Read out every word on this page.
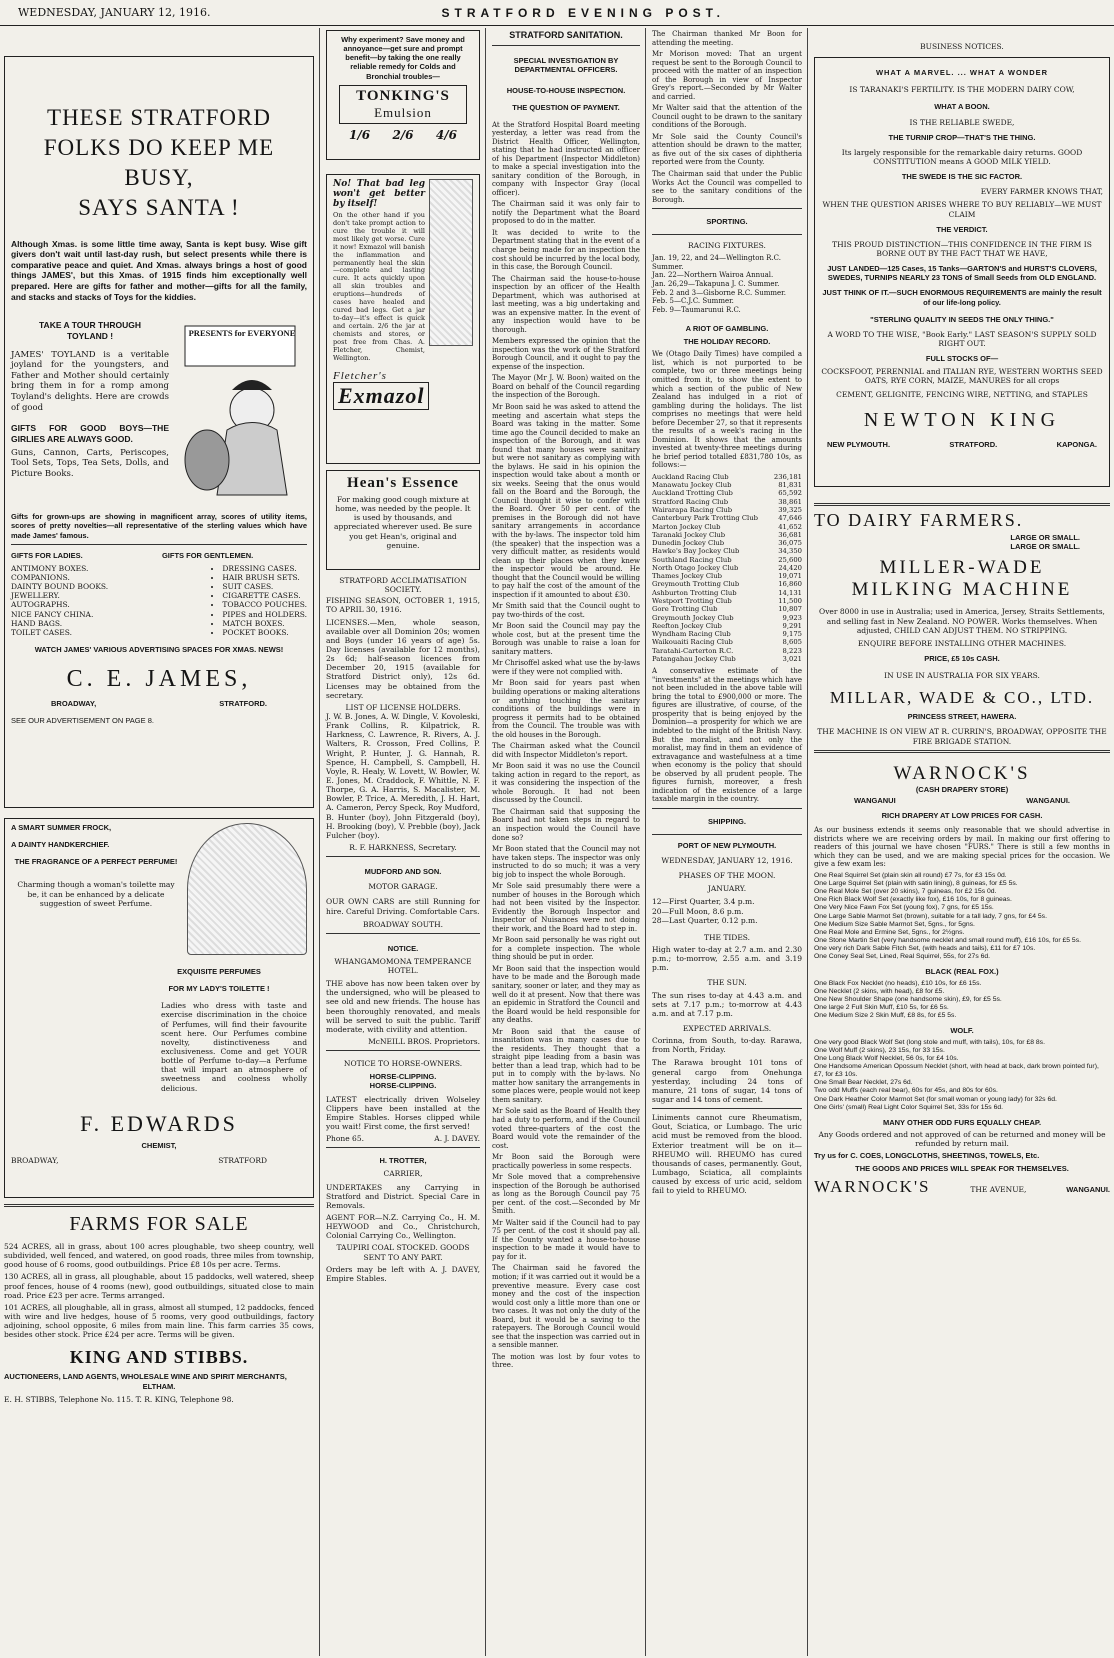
WEDNESDAY, JANUARY 12, 1916.	STRATFORD EVENING POST.
THESE STRATFORD
FOLKS DO KEEP ME BUSY,
SAYS SANTA !

Although Xmas. is some little time away, Santa is kept busy. Wise gift givers don't wait until last-day rush, but select presents while there is comparative peace and quiet. And Xmas. always brings a host of good things JAMES', but this Xmas. of 1915 finds him exceptionally well prepared. Here are gifts for father and mother—gifts for all the family, and stacks and stacks of Toys for the kiddies.

TAKE A TOUR THROUGH
TOYLAND !

JAMES' TOYLAND is a veritable joyland for the youngsters, and Father and Mother should certainly bring them in for a romp among Toyland's delights. Here are crowds of good

GIFTS FOR GOOD BOYS—THE GIRLIES ARE ALWAYS GOOD.

Guns, Cannon, Carts, Periscopes, Tool Sets, Tops, Tea Sets, Dolls, and Picture Books.

PRESENTS for EVERYONE

Gifts for grown-ups are showing in magnificent array, scores of utility items, scores of pretty novelties—all representative of the sterling values which have made James' famous.

GIFTS FOR LADIES.	GIFTS FOR GENTLEMEN.
• ANTIMONY BOXES.
• COMPANIONS.
• DAINTY BOUND BOOKS.
• JEWELLERY.
• AUTOGRAPHS.
• NICE FANCY CHINA.
• HAND BAGS.
• TOILET CASES.
• DRESSING CASES.
• HAIR BRUSH SETS.
• SUIT CASES.
• CIGARETTE CASES.
• TOBACCO POUCHES.
• PIPES and HOLDERS.
• MATCH BOXES.
• POCKET BOOKS.

WATCH JAMES' VARIOUS ADVERTISING SPACES FOR XMAS. NEWS!

C. E. JAMES,
BROADWAY,	STRATFORD.
SEE OUR ADVERTISEMENT ON PAGE 8.

A SMART SUMMER FROCK,

A DAINTY HANDKERCHIEF.

THE FRAGRANCE OF A PERFECT PERFUME!

Charming though a woman's toilette may be, it can be enhanced by a delicate suggestion of sweet Perfume.

EXQUISITE PERFUMES
FOR MY LADY'S TOILETTE !

Ladies who dress with taste and exercise discrimination in the choice of Perfumes, will find their favourite scent here. Our Perfumes combine novelty, distinctiveness and exclusiveness. Come and get YOUR bottle of Perfume to-day—a Perfume that will impart an atmosphere of sweetness and coolness wholly delicious.

F. EDWARDS
CHEMIST,
BROADWAY,	STRATFORD
FARMS FOR SALE

524 ACRES, all in grass, about 100 acres ploughable, two sheep country, well subdivided, well fenced, and watered, on good roads, three miles from township, good house of 6 rooms, good outbuildings. Price £8 10s per acre. Terms.

130 ACRES, all in grass, all ploughable, about 15 paddocks, well watered, sheep proof fences, house of 4 rooms (new), good outbuildings, situated close to main road. Price £23 per acre. Terms arranged.

101 ACRES, all ploughable, all in grass, almost all stumped, 12 paddocks, fenced with wire and live hedges, house of 5 rooms, very good outbuildings, factory adjoining, school opposite, 6 miles from main line. This farm carries 35 cows, besides other stock. Price £24 per acre. Terms will be given.

KING AND STIBBS.
AUCTIONEERS, LAND AGENTS, WHOLESALE WINE AND SPIRIT MERCHANTS,
ELTHAM.
E. H. STIBBS, Telephone No. 115. T. R. KING, Telephone 98.

Why experiment? Save money and annoyance—get sure and prompt benefit—by taking the one really reliable remedy for Colds and Bronchial troubles—

TONKING'S
Emulsion
1/6 2/6 4/6

No! That bad leg won't get better by itself!

On the other hand if you don't take prompt action to cure the trouble it will most likely get worse. Cure it now! Exmazol will banish the inflammation and permanently heal the skin—complete and lasting cure. It acts quickly upon all skin troubles and eruptions—hundreds of cases have healed and cured bad legs. Get a jar to-day—it's effect is quick and certain. 2/6 the jar at chemists and stores, or post free from Chas. A. Fletcher, Chemist, Wellington.

Fletcher's
Exmazol
Hean's Essence

For making good cough mixture at home, was needed by the people. It is used by thousands, and appreciated wherever used. Be sure you get Hean's, original and genuine.

STRATFORD ACCLIMATISATION SOCIETY.

FISHING SEASON, OCTOBER 1, 1915, TO APRIL 30, 1916.

LICENSES.—Men, whole season, available over all Dominion 20s; women and Boys (under 16 years of age) 5s. Day licenses (available for 12 months), 2s 6d; half-season licences from December 20, 1915 (available for Stratford District only), 12s 6d. Licenses may be obtained from the secretary.

LIST OF LICENSE HOLDERS.

J. W. B. Jones, A. W. Dingle, V. Kovoleski, Frank Collins, R. Kilpatrick, R. Harkness, C. Lawrence, R. Rivers, A. J. Walters, R. Crosson, Fred Collins, P. Wright, P. Hunter, J. G. Hannah, R. Spence, H. Campbell, S. Campbell, H. Voyle, R. Healy, W. Lovett, W. Bowler, W. E. Jones, M. Craddock, F. Whittle, N. F. Thorpe, G. A. Harris, S. Macalister, M. Bowler, P. Trice, A. Meredith, J. H. Hart, A. Cameron, Percy Speck, Roy Mudford, B. Hunter (boy), John Fitzgerald (boy), H. Brooking (boy), V. Prebble (boy), Jack Fulcher (boy).

R. F. HARKNESS, Secretary.
MUDFORD AND SON.
MOTOR GARAGE.

OUR OWN CARS are still Running for hire. Careful Driving. Comfortable Cars.

BROADWAY SOUTH.
NOTICE.
WHANGAMOMONA TEMPERANCE HOTEL.

THE above has now been taken over by the undersigned, who will be pleased to see old and new friends. The house has been thoroughly renovated, and meals will be served to suit the public. Tariff moderate, with civility and attention.

McNEILL BROS. Proprietors.
NOTICE TO HORSE-OWNERS.
HORSE-CLIPPING.
HORSE-CLIPPING.

LATEST electrically driven Wolseley Clippers have been installed at the Empire Stables. Horses clipped while you wait! First come, the first served!

Phone 65.	A. J. DAVEY.
H. TROTTER,
CARRIER,

UNDERTAKES any Carrying in Stratford and District. Special Care in Removals.

AGENT FOR—N.Z. Carrying Co., H. M. HEYWOOD and Co., Christchurch, Colonial Carrying Co., Wellington.

TAUPIRI COAL STOCKED. GOODS SENT TO ANY PART.

Orders may be left with A. J. DAVEY, Empire Stables.

STRATFORD SANITATION.
SPECIAL INVESTIGATION BY DEPARTMENTAL OFFICERS.
HOUSE-TO-HOUSE INSPECTION.
THE QUESTION OF PAYMENT.

At the Stratford Hospital Board meeting yesterday, a letter was read from the District Health Officer, Wellington, stating that he had instructed an officer of his Department (Inspector Middleton) to make a special investigation into the sanitary condition of the Borough, in company with Inspector Gray (local officer).

The Chairman said it was only fair to notify the Department what the Board proposed to do in the matter.

It was decided to write to the Department stating that in the event of a charge being made for an inspection the cost should be incurred by the local body, in this case, the Borough Council.

The Chairman said the house-to-house inspection by an officer of the Health Department, which was authorised at last meeting, was a big undertaking and was an expensive matter. In the event of any inspection would have to be thorough.

Members expressed the opinion that the inspection was the work of the Stratford Borough Council, and it ought to pay the expense of the inspection.

The Mayor (Mr J. W. Boon) waited on the Board on behalf of the Council regarding the inspection of the Borough.

Mr Boon said he was asked to attend the meeting and ascertain what steps the Board was taking in the matter. Some time ago the Council decided to make an inspection of the Borough, and it was found that many houses were sanitary but were not sanitary as complying with the bylaws. He said in his opinion the inspection would take about a month or six weeks. Seeing that the onus would fall on the Board and the Borough, the Council thought it wise to confer with the Board. Over 50 per cent. of the premises in the Borough did not have sanitary arrangements in accordance with the by-laws. The inspector told him (the speaker) that the inspection was a very difficult matter, as residents would clean up their places when they knew the inspector would be around. He thought that the Council would be willing to pay half the cost of the amount of the inspection if it amounted to about £30.

Mr Smith said that the Council ought to pay two-thirds of the cost.

Mr Boon said the Council may pay the whole cost, but at the present time the Borough was unable to raise a loan for sanitary matters.

Mr Chrisoffel asked what use the by-laws were if they were not complied with.

Mr Boon said for years past when building operations or making alterations or anything touching the sanitary conditions of the buildings were in progress it permits had to be obtained from the Council. The trouble was with the old houses in the Borough.

The Chairman asked what the Council did with Inspector Middleton's report.

Mr Boon said it was no use the Council taking action in regard to the report, as it was considering the inspection of the whole Borough. It had not been discussed by the Council.

The Chairman said that supposing the Board had not taken steps in regard to an inspection would the Council have done so?

Mr Boon stated that the Council may not have taken steps. The inspector was only instructed to do so much; it was a very big job to inspect the whole Borough.

Mr Sole said presumably there were a number of houses in the Borough which had not been visited by the Inspector. Evidently the Borough Inspector and Inspector of Nuisances were not doing their work, and the Board had to step in.

Mr Boon said personally he was right out for a complete inspection. The whole thing should be put in order.

Mr Boon said that the inspection would have to be made and the Borough made sanitary, sooner or later, and they may as well do it at present. Now that there was an epidemic in Stratford the Council and the Board would be held responsible for any deaths.

Mr Boon said that the cause of insanitation was in many cases due to the residents. They thought that a straight pipe leading from a basin was better than a lead trap, which had to be put in to comply with the by-laws. No matter how sanitary the arrangements in some places were, people would not keep them sanitary.

Mr Sole said as the Board of Health they had a duty to perform, and if the Council voted three-quarters of the cost the Board would vote the remainder of the cost.

Mr Boon said the Borough were practically powerless in some respects.

Mr Sole moved that a comprehensive inspection of the Borough be authorised as long as the Borough Council pay 75 per cent. of the cost.—Seconded by Mr Smith.

Mr Walter said if the Council had to pay 75 per cent. of the cost it should pay all. If the County wanted a house-to-house inspection to be made it would have to pay for it.

The Chairman said he favored the motion; if it was carried out it would be a preventive measure. Every case cost money and the cost of the inspection would cost only a little more than one or two cases. It was not only the duty of the Board, but it would be a saving to the ratepayers. The Borough Council would see that the inspection was carried out in a sensible manner.

The motion was lost by four votes to three.

The Chairman thanked Mr Boon for attending the meeting.

Mr Morison moved: That an urgent request be sent to the Borough Council to proceed with the matter of an inspection of the Borough in view of Inspector Grey's report.—Seconded by Mr Walter and carried.

Mr Walter said that the attention of the Council ought to be drawn to the sanitary conditions of the Borough.

Mr Sole said the County Council's attention should be drawn to the matter, as five out of the six cases of diphtheria reported were from the County.

The Chairman said that under the Public Works Act the Council was compelled to see to the sanitary conditions of the Borough.

SPORTING.
RACING FIXTURES.
Jan. 19, 22, and 24—Wellington R.C. Summer.
Jan. 22—Northern Wairoa Annual.
Jan. 26,29—Takapuna J. C. Summer.
Feb. 2 and 3—Gisborne R.C. Summer.
Feb. 5—C.J.C. Summer.
Feb. 9—Taumarunui R.C.
A RIOT OF GAMBLING.
THE HOLIDAY RECORD.

We (Otago Daily Times) have compiled a list, which is not purported to be complete, two or three meetings being omitted from it, to show the extent to which a section of the public of New Zealand has indulged in a riot of gambling during the holidays. The list comprises no meetings that were held before December 27, so that it represents the results of a week's racing in the Dominion. It shows that the amounts invested at twenty-three meetings during he brief period totalled £831,780 10s, as follows:—

Auckland Racing Club	236,181
Manawatu Jockey Club	81,831
Auckland Trotting Club	65,592
Stratford Racing Club	38,861
Wairarapa Racing Club	39,325
Canterbury Park Trotting Club	47,646
Marton Jockey Club	41,652
Taranaki Jockey Club	36,681
Dunedin Jockey Club	36,075
Hawke's Bay Jockey Club	34,350
Southland Racing Club	25,600
North Otago Jockey Club	24,420
Thames Jockey Club	19,071
Greymouth Trotting Club	16,860
Ashburton Trotting Club	14,131
Westport Trotting Club	11,500
Gore Trotting Club	10,807
Greymouth Jockey Club	9,923
Reefton Jockey Club	9,291
Wyndham Racing Club	9,175
Waikouaiti Racing Club	8,605
Taratahi-Carterton R.C.	8,223
Patangahau Jockey Club	3,021

A conservative estimate of the "investments" at the meetings which have not been included in the above table will bring the total to £900,000 or more. The figures are illustrative, of course, of the prosperity that is being enjoyed by the Dominion—a prosperity for which we are indebted to the might of the British Navy. But the moralist, and not only the moralist, may find in them an evidence of extravagance and wastefulness at a time when economy is the policy that should be observed by all prudent people. The figures furnish, moreover, a fresh indication of the existence of a large taxable margin in the country.

SHIPPING.
PORT OF NEW PLYMOUTH.
WEDNESDAY, JANUARY 12, 1916.
PHASES OF THE MOON.
JANUARY.
12—First Quarter, 3.4 p.m.
20—Full Moon, 8.6 p.m.
28—Last Quarter, 0.12 p.m.
THE TIDES.

High water to-day at 2.7 a.m. and 2.30 p.m.; to-morrow, 2.55 a.m. and 3.19 p.m.

THE SUN.

The sun rises to-day at 4.43 a.m. and sets at 7.17 p.m.; to-morrow at 4.43 a.m. and at 7.17 p.m.

EXPECTED ARRIVALS.

Corinna, from South, to-day. Rarawa, from North, Friday.

The Rarawa brought 101 tons of general cargo from Onehunga yesterday, including 24 tons of manure, 21 tons of sugar, 14 tons of sugar and 14 tons of cement.

Liniments cannot cure Rheumatism, Gout, Sciatica, or Lumbago. The uric acid must be removed from the blood. Exterior treatment will be on it—RHEUMO will. RHEUMO has cured thousands of cases, permanently. Gout, Lumbago, Sciatica, all complaints caused by excess of uric acid, seldom fail to yield to RHEUMO.

BUSINESS NOTICES.
WHAT A MARVEL. ... WHAT A WONDER
IS TARANAKI'S FERTILITY. IS THE MODERN DAIRY COW,
WHAT A BOON.
IS THE RELIABLE SWEDE,
THE TURNIP CROP—THAT'S THE THING.
Its largely responsible for the remarkable dairy returns. GOOD CONSTITUTION means A GOOD MILK YIELD.
THE SWEDE IS THE SIC FACTOR.
EVERY FARMER KNOWS THAT,
WHEN THE QUESTION ARISES WHERE TO BUY RELIABLY—WE MUST CLAIM
THE VERDICT.
THIS PROUD DISTINCTION—THIS CONFIDENCE IN THE FIRM IS BORNE OUT BY THE FACT THAT WE HAVE,
JUST LANDED—125 Cases, 15 Tanks—GARTON'S and HURST'S CLOVERS, SWEDES, TURNIPS NEARLY 23 TONS of Small Seeds from OLD ENGLAND.
JUST THINK OF IT.—SUCH ENORMOUS REQUIREMENTS are mainly the result of our life-long policy.
"STERLING QUALITY IN SEEDS THE ONLY THING."
A WORD TO THE WISE, "Book Early." LAST SEASON'S SUPPLY SOLD RIGHT OUT.
FULL STOCKS OF—
COCKSFOOT, PERENNIAL and ITALIAN RYE, WESTERN WORTHS SEED OATS, RYE CORN, MAIZE, MANURES for all crops
CEMENT, GELIGNITE, FENCING WIRE, NETTING, and STAPLES
NEWTON KING
NEW PLYMOUTH.	STRATFORD.	KAPONGA.
TO DAIRY FARMERS.
LARGE OR SMALL.
LARGE OR SMALL.
MILLER-WADE
MILKING MACHINE

Over 8000 in use in Australia; used in America, Jersey, Straits Settlements, and selling fast in New Zealand. NO POWER. Works themselves. When adjusted, CHILD CAN ADJUST THEM. NO STRIPPING.

ENQUIRE BEFORE INSTALLING OTHER MACHINES.
PRICE, £5 10s CASH.
IN USE IN AUSTRALIA FOR SIX YEARS.
MILLAR, WADE & CO., LTD.
PRINCESS STREET, HAWERA.
THE MACHINE IS ON VIEW AT R. CURRIN'S, BROADWAY, OPPOSITE THE FIRE BRIGADE STATION.
WARNOCK'S
(CASH DRAPERY STORE)
WANGANUI	WANGANUI.
RICH DRAPERY AT LOW PRICES FOR CASH.

As our business extends it seems only reasonable that we should advertise in districts where we are receiving orders by mail. In making our first offering to readers of this journal we have chosen "FURS." There is still a few months in which they can be used, and we are making special prices for the occasion. We give a few exam les:

One Real Squirrel Set (plain skin all round) £7 7s, for £3 15s 0d.
One Large Squirrel Set (plain with satin lining), 8 guineas, for £5 5s.
One Real Mole Set (over 20 skins), 7 guineas, for £2 15s 0d.
One Rich Black Wolf Set (exactly like fox), £16 10s, for 8 guineas.
One Very Nice Fawn Fox Set (young fox), 7 gns, for £5 15s.
One Large Sable Marmot Set (brown), suitable for a tall lady, 7 gns, for £4 5s.
One Medium Size Sable Marmot Set, 5gns., for 5gns.
One Real Mole and Ermine Set, 5gns., for 2½gns.
One Stone Martin Set (very handsome necklet and small round muff), £16 10s, for £5 5s.
One very rich Dark Sable Fitch Set, (with heads and tails), £11 for £7 10s.
One Coney Seal Set, Lined, Real Squirrel, 55s, for 27s 6d.
BLACK (REAL FOX.)
One Black Fox Necklet (no heads), £10 10s, for £6 15s.
One Necklet (2 skins, with head), £8 for £5.
One New Shoulder Shape (one handsome skin), £9, for £5 5s.
One large 2 Full Skin Muff, £10 5s, for £6 5s.
One Medium Size 2 Skin Muff, £8 8s, for £5 5s.
WOLF.
One very good Black Wolf Set (long stole and muff, with tails), 10s, for £8 8s.
One Wolf Muff (2 skins), 23 15s, for 33 15s.
One Long Black Wolf Necklet, 56 0s, for £4 10s.
One Handsome American Opossum Necklet (short, with head at back, dark brown pointed fur), £7, for £3 10s.
One Small Bear Necklet, 27s 6d.
Two odd Muffs (each real bear), 60s for 45s, and 80s for 60s.
One Dark Heather Color Marmot Set (for small woman or young lady) for 32s 6d.
One Girls' (small) Real Light Color Squirrel Set, 33s for 15s 6d.
MANY OTHER ODD FURS EQUALLY CHEAP.

Any Goods ordered and not approved of can be returned and money will be refunded by return mail.

Try us for C. COES, LONGCLOTHS, SHEETINGS, TOWELS, Etc.

THE GOODS AND PRICES WILL SPEAK FOR THEMSELVES.

WARNOCK'S	THE AVENUE,	WANGANUI.
